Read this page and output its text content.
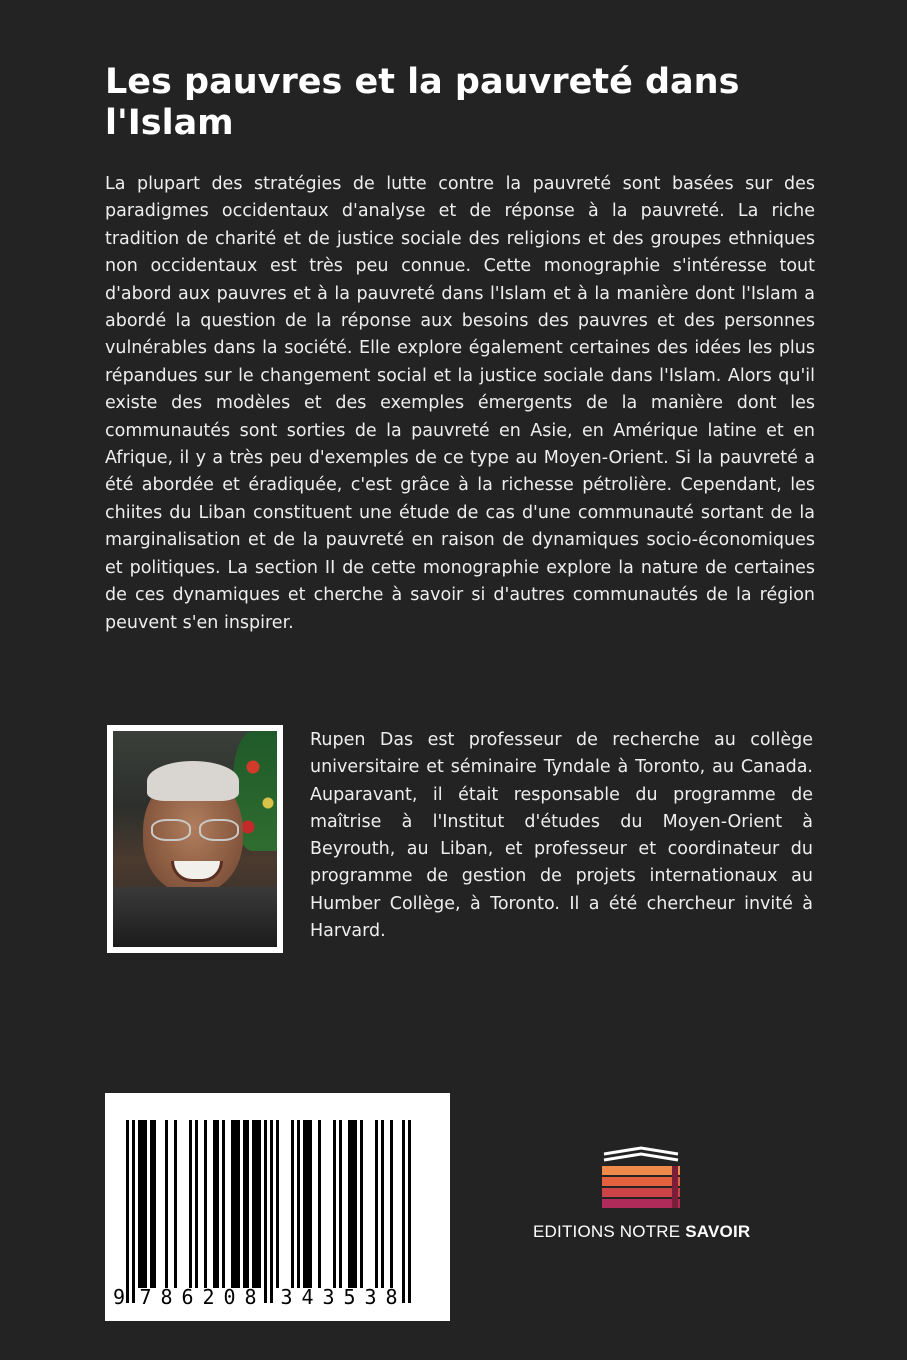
Les pauvres et la pauvreté dans l'Islam

La plupart des stratégies de lutte contre la pauvreté sont basées sur des paradigmes occidentaux d'analyse et de réponse à la pauvreté. La riche tradition de charité et de justice sociale des religions et des groupes ethniques non occidentaux est très peu connue. Cette monographie s'intéresse tout d'abord aux pauvres et à la pauvreté dans l'Islam et à la manière dont l'Islam a abordé la question de la réponse aux besoins des pauvres et des personnes vulnérables dans la société. Elle explore également certaines des idées les plus répandues sur le changement social et la justice sociale dans l'Islam. Alors qu'il existe des modèles et des exemples émergents de la manière dont les communautés sont sorties de la pauvreté en Asie, en Amérique latine et en Afrique, il y a très peu d'exemples de ce type au Moyen-Orient. Si la pauvreté a été abordée et éradiquée, c'est grâce à la richesse pétrolière. Cependant, les chiites du Liban constituent une étude de cas d'une communauté sortant de la marginalisation et de la pauvreté en raison de dynamiques socio-économiques et politiques. La section II de cette monographie explore la nature de certaines de ces dynamiques et cherche à savoir si d'autres communautés de la région peuvent s'en inspirer.

Rupen Das est professeur de recherche au collège universitaire et séminaire Tyndale à Toronto, au Canada. Auparavant, il était responsable du programme de maîtrise à l'Institut d'études du Moyen-Orient à Beyrouth, au Liban, et professeur et coordinateur du programme de gestion de projets internationaux au Humber Collège, à Toronto. Il a été chercheur invité à Harvard.

9 7 8 6 2 0 8 3 4 3 5 3 8
EDITIONS NOTRE SAVOIR
